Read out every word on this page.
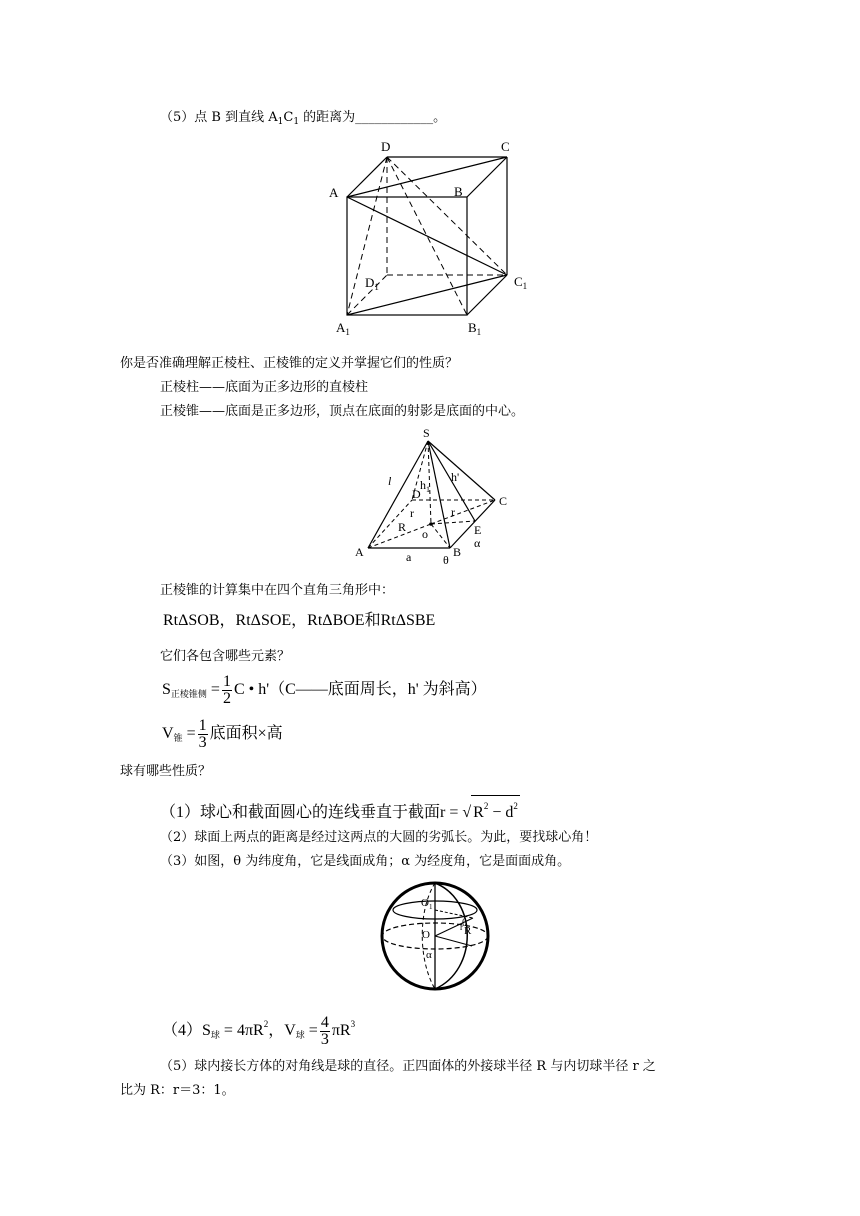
（5）点 B 到直线 $A_1C_1$ 的距离为____________。
D	C
A	B
$D_1$	$C_1$
$A_1$	$B_1$
你是否准确理解正棱柱、正棱锥的定义并掌握它们的性质？
正棱柱——底面为正多边形的直棱柱
正棱锥——底面是正多边形，顶点在底面的射影是底面的中心。
S
l $h_1$
h'
D	C
R
r	r
o	E
A	a	B
θ
α
正棱锥的计算集中在四个直角三角形中：
RtΔSOB，RtΔSOE，RtΔBOE和RtΔSBE
它们各包含哪些元素？
$S_{正棱锥侧} = \frac{1}{2}$ C • h'（C——底面周长，h' 为斜高）
$V_锥 = \frac{1}{3}$ 底面积×高
球有哪些性质？
（1）球心和截面圆心的连线垂直于截面r = √ $R^2 - d^2$
（2）球面上两点的距离是经过这两点的大圆的劣弧长。为此，要找球心角！
（3）如图，θ 为纬度角，它是线面成角；α 为经度角，它是面面成角。
$O_1$
O	R
r θ
α
$(4)S_球 = 4\pi R^2$，$V_球 = \frac{4}{3} \pi R^3$
（5）球内接长方体的对角线是球的直径。正四面体的外接球半径 R 与内切球半径 r 之
比为 R：r＝3：1。
